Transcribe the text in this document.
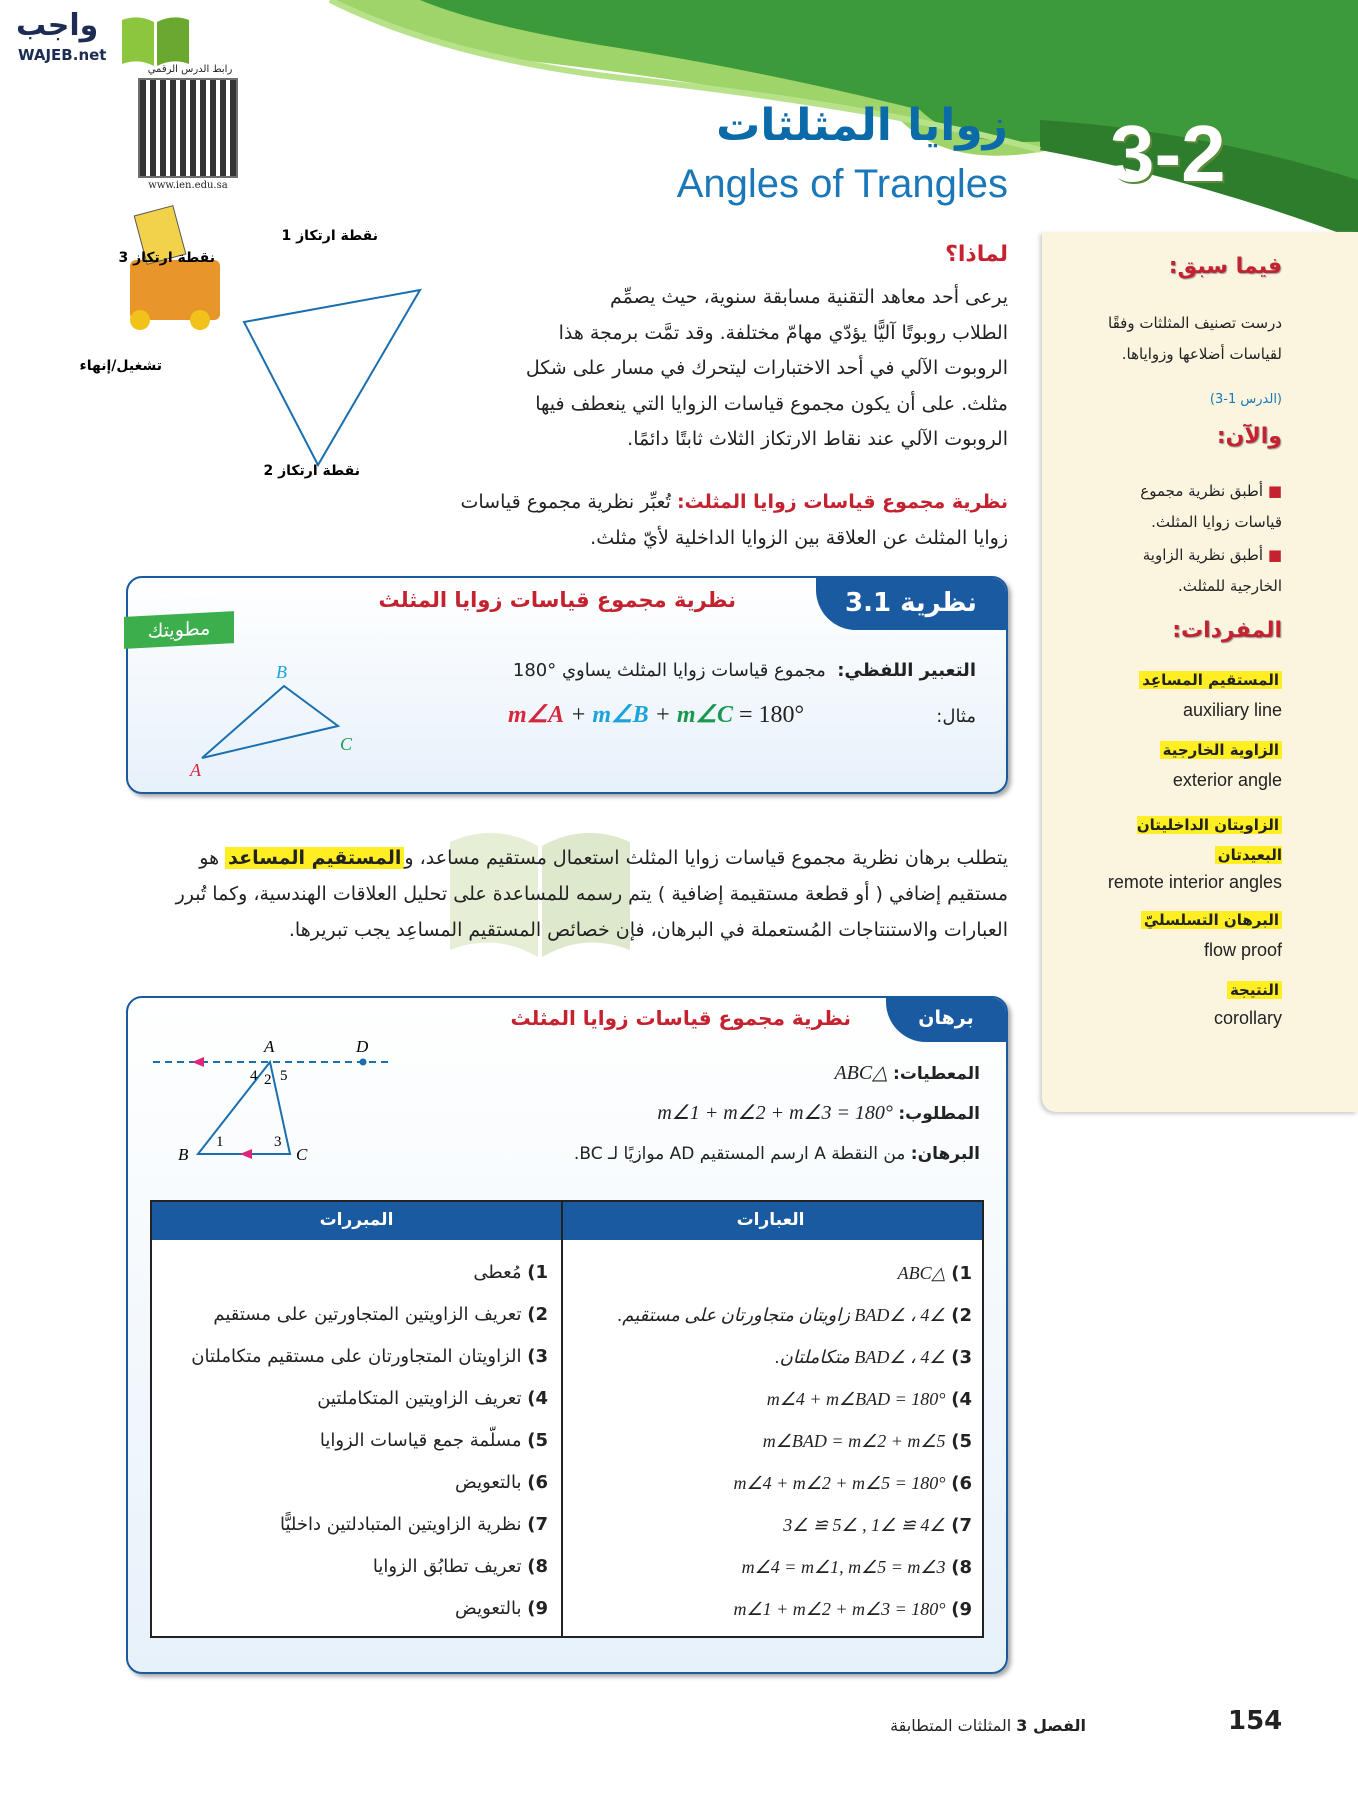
واجب
WAJEB.net
رابط الدرس الرقمي
www.ien.edu.sa
زوايا المثلثات
Angles of Trangles 3-2
نقطة ارتكاز 3
نقطة ارتكاز 1
نقطة ارتكاز 2
تشغيل/إنهاء
لماذا؟
يرعى أحد معاهد التقنية مسابقة سنوية، حيث يصمِّم
الطلاب روبوتًا آليًّا يؤدّي مهامّ مختلفة. وقد تمَّت برمجة هذا
الروبوت الآلي في أحد الاختبارات ليتحرك في مسار على شكل
مثلث. على أن يكون مجموع قياسات الزوايا التي ينعطف فيها
الروبوت الآلي عند نقاط الارتكاز الثلاث ثابتًا دائمًا.
نظرية مجموع قياسات زوايا المثلث: تُعبِّر نظرية مجموع قياسات زوايا المثلث عن العلاقة بين الزوايا الداخلية لأيّ مثلث.
فيما سبق:
درست تصنيف المثلثات وفقًا
لقياسات أضلاعها وزواياها.
(الدرس 1-3)
والآن:
■ أطبق نظرية مجموع قياسات زوايا المثلث.
■ أطبق نظرية الزاوية الخارجية للمثلث.
المفردات:
المستقيم المساعِد
auxiliary line
الزاوية الخارجية
exterior angle
الزاويتان الداخليتان البعيدتان
remote interior angles
البرهان التسلسليّ
flow proof
النتيجة
corollary
نظرية 3.1
نظرية مجموع قياسات زوايا المثلث
أضف إلى
مطويتك
التعبير اللفظي:  مجموع قياسات زوايا المثلث يساوي °180
مثال:
m∠A + m∠B + m∠C = 180°
B
A
C
يتطلب برهان نظرية مجموع قياسات زوايا المثلث استعمال مستقيم مساعد، والمستقيم المساعد هو مستقيم إضافي ( أو قطعة مستقيمة إضافية ) يتم رسمه للمساعدة على تحليل العلاقات الهندسية، وكما تُبرر العبارات والاستنتاجات المُستعملة في البرهان، فإن خصائص المستقيم المساعِد يجب تبريرها.
برهان
نظرية مجموع قياسات زوايا المثلث
المعطيات: △ABC
المطلوب: m∠1 + m∠2 + m∠3 = 180°
البرهان: من النقطة A ارسم المستقيم AD موازيًا لـ BC.
A	D
B	C
1
2
3
4 5
العبارات
المبررات
1) △ABC
1) مُعطى
2) ∠4 ، ∠BAD زاويتان متجاورتان على مستقيم.
2) تعريف الزاويتين المتجاورتين على مستقيم
3) ∠4 ، ∠BAD متكاملتان.
3) الزاويتان المتجاورتان على مستقيم متكاملتان
4) m∠4 + m∠BAD = 180°
4) تعريف الزاويتين المتكاملتين
5) m∠BAD = m∠2 + m∠5
5) مسلّمة جمع قياسات الزوايا
6) m∠4 + m∠2 + m∠5 = 180°
6) بالتعويض
7) ∠4 ≅ ∠1 , ∠5 ≅ ∠3
7) نظرية الزاويتين المتبادلتين داخليًّا
8) m∠4 = m∠1, m∠5 = m∠3
8) تعريف تطابُق الزوايا
9) m∠1 + m∠2 + m∠3 = 180°
9) بالتعويض
الفصل 3 المثلثات المتطابقة	154
